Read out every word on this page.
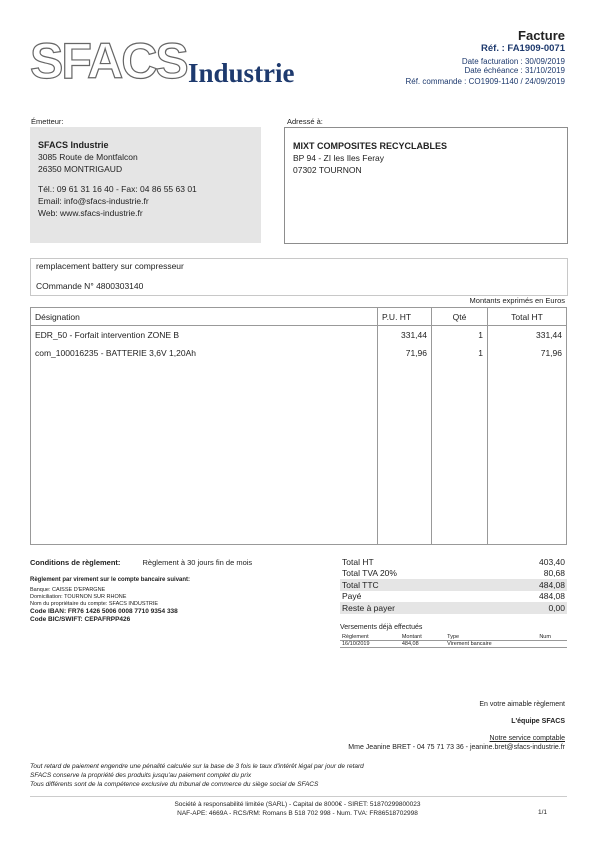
SFACS Industrie
Facture
Réf. : FA1909-0071
Date facturation : 30/09/2019
Date échéance : 31/10/2019
Réf. commande : CO1909-1140 / 24/09/2019
Émetteur:
SFACS Industrie
3085 Route de Montfalcon
26350 MONTRIGAUD
Tél.: 09 61 31 16 40 - Fax: 04 86 55 63 01
Email: info@sfacs-industrie.fr
Web: www.sfacs-industrie.fr
Adressé à:
MIXT COMPOSITES RECYCLABLES
BP 94 - ZI les Iles Feray
07302 TOURNON
remplacement battery sur compresseur
COmmande N° 4800303140
Montants exprimés en Euros
Désignation	P.U. HT	Qté	Total HT
EDR_50 - Forfait intervention ZONE B	331,44	1	331,44
com_100016235 - BATTERIE 3,6V 1,20Ah	71,96	1	71,96

Conditions de règlement:	Règlement à 30 jours fin de mois
Règlement par virement sur le compte bancaire suivant:
Banque: CAISSE D'EPARGNE
Domiciliation: TOURNON SUR RHONE
Nom du propriétaire du compte: SFACS INDUSTRIE
Code IBAN: FR76 1426 5006 0008 7710 9354 338
Code BIC/SWIFT: CEPAFRPP426
Total HT	403,40
Total TVA 20%	80,68
Total TTC	484,08
Payé	484,08
Reste à payer	0,00
Versements déjà effectués
Règlement	Montant	Type	Num
16/10/2019	484,08	Virement bancaire	
En votre aimable règlement
L'équipe SFACS
Notre service comptable
Mme Jeanine BRET - 04 75 71 73 36 - jeanine.bret@sfacs-industrie.fr
Tout retard de paiement engendre une pénalité calculée sur la base de 3 fois le taux d'intérêt légal par jour de retard
SFACS conserve la propriété des produits jusqu'au paiement complet du prix
Tous différents sont de la compétence exclusive du tribunal de commerce du siège social de SFACS
Société à responsabilité limitée (SARL) - Capital de 8000€ - SIRET: 51870299800023
NAF-APE: 4669A - RCS/RM: Romans B 518 702 998 - Num. TVA: FR86518702998	1/1
